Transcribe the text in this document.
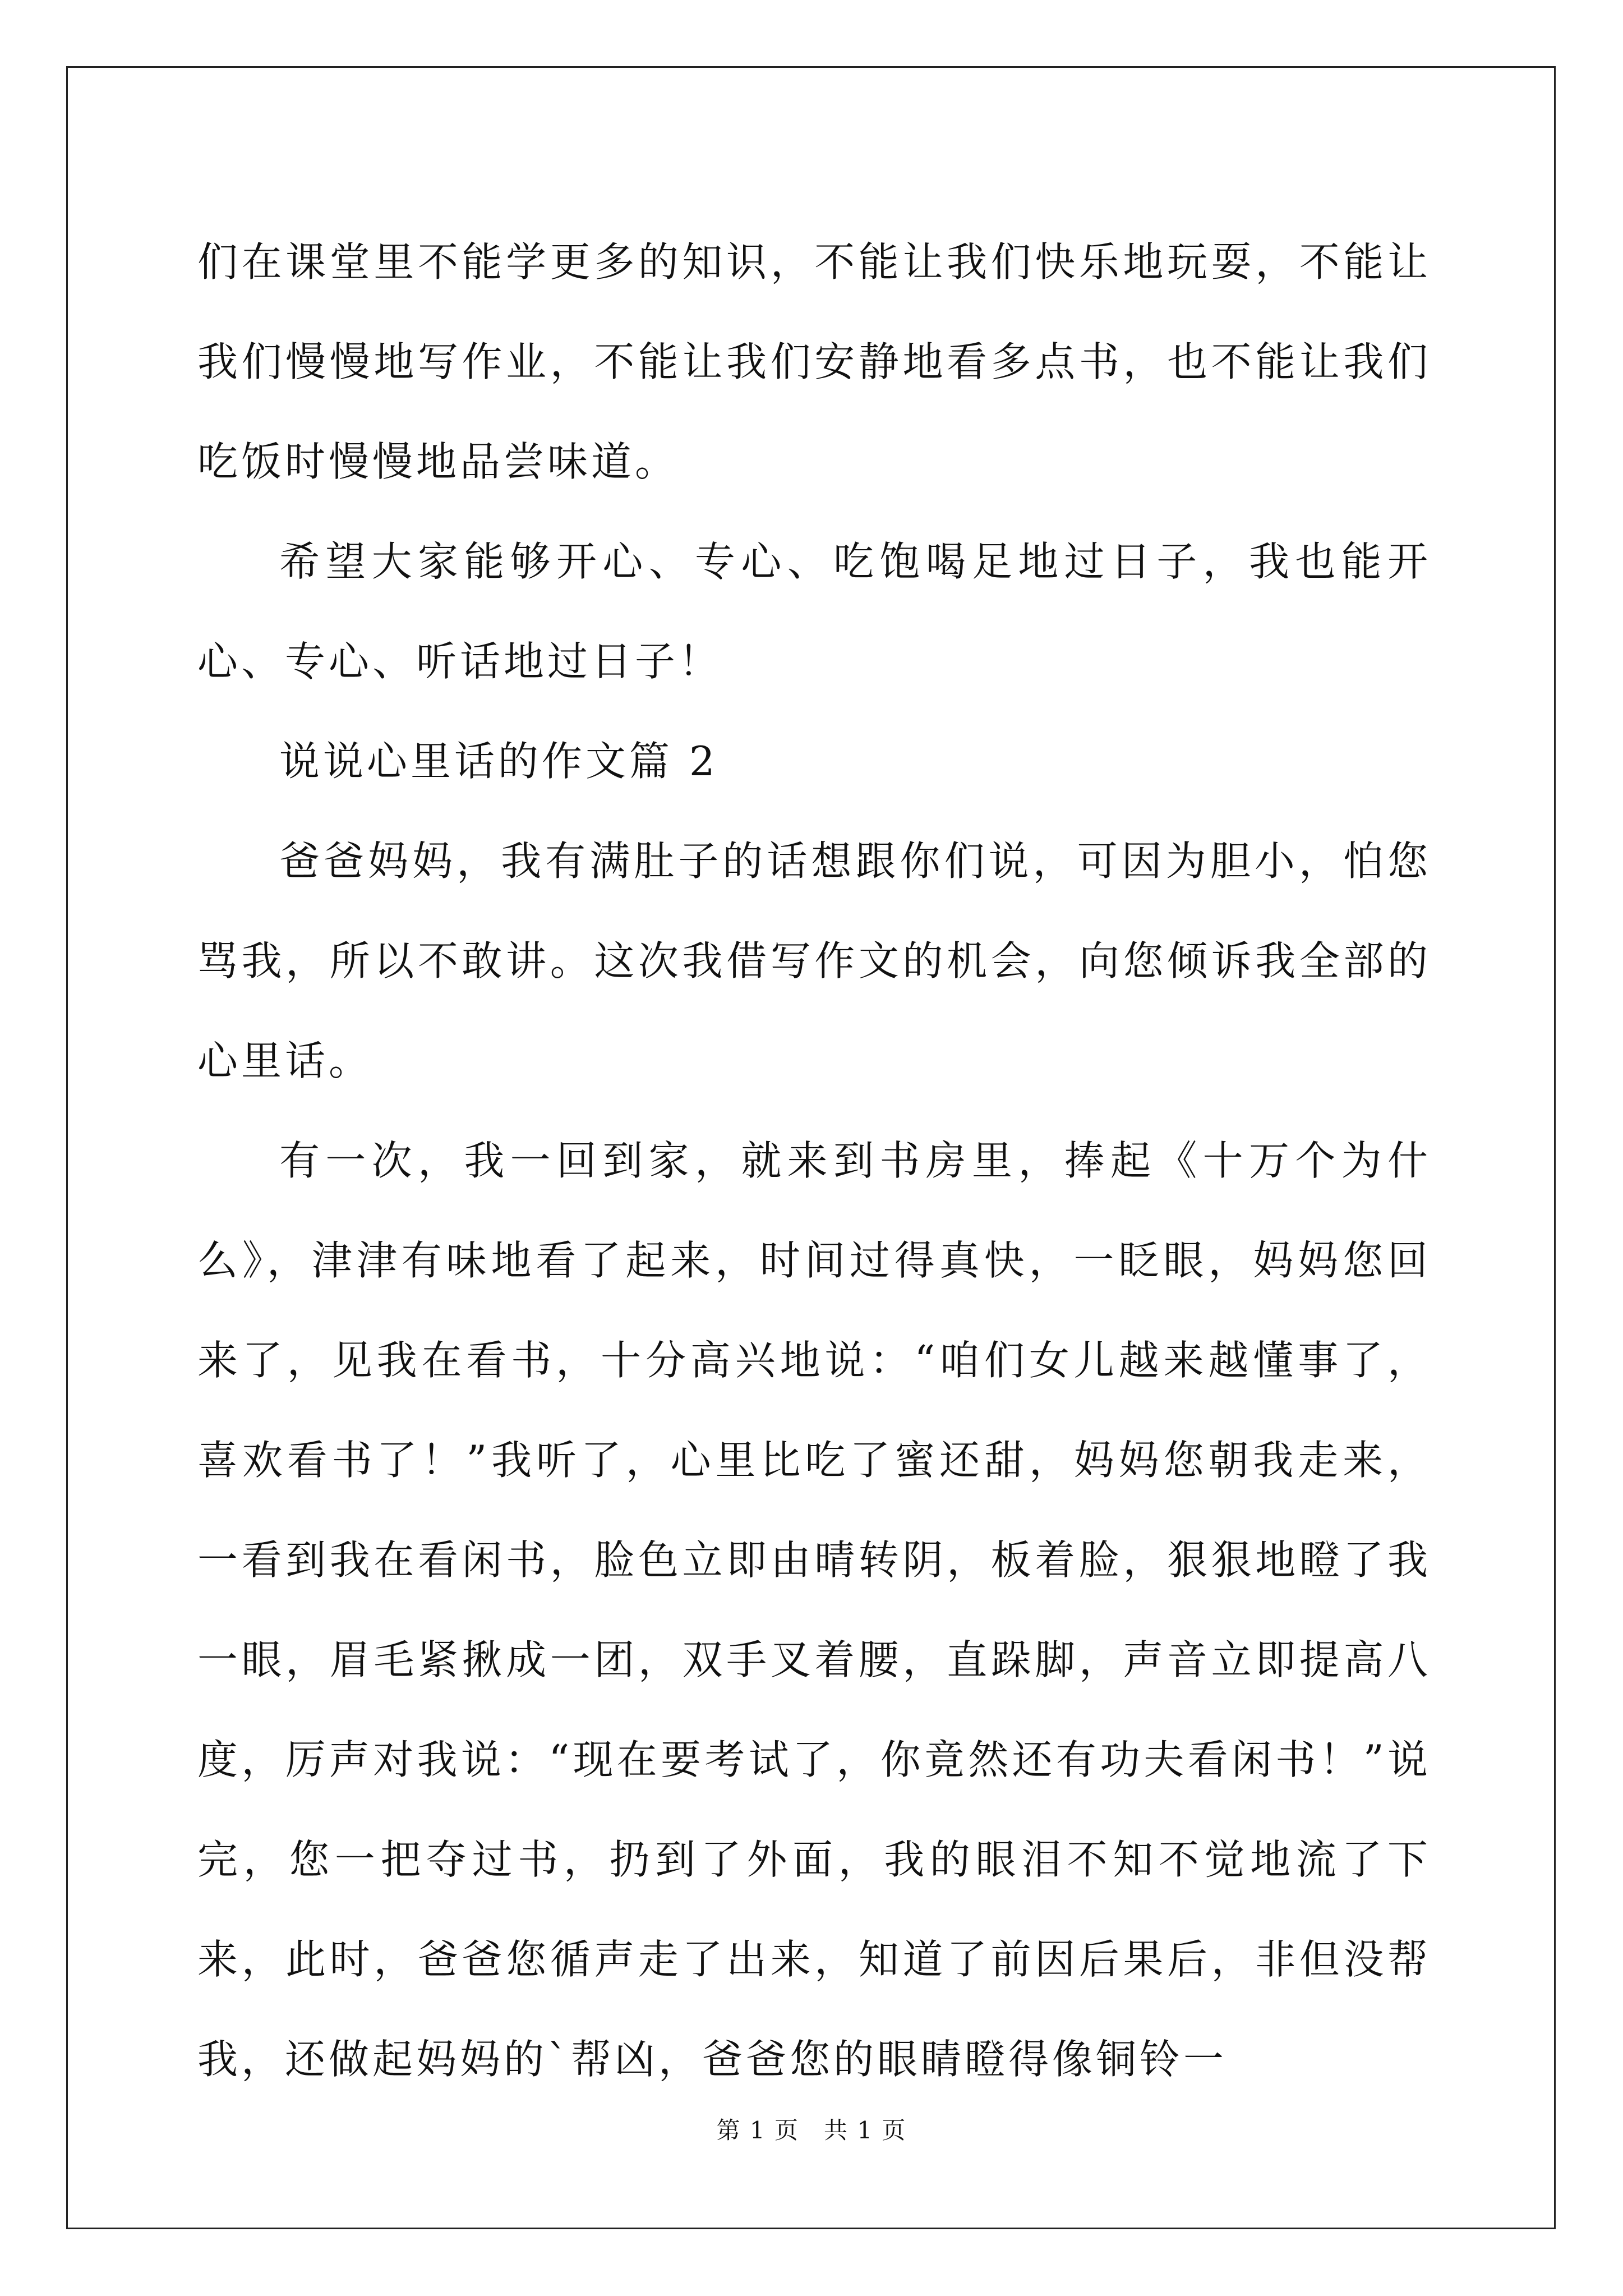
们在课堂里不能学更多的知识，不能让我们快乐地玩耍，不能让我们慢慢地写作业，不能让我们安静地看多点书，也不能让我们吃饭时慢慢地品尝味道。

希望大家能够开心、专心、吃饱喝足地过日子，我也能开心、专心、听话地过日子！

说说心里话的作文篇 2

爸爸妈妈，我有满肚子的话想跟你们说，可因为胆小，怕您骂我，所以不敢讲。这次我借写作文的机会，向您倾诉我全部的心里话。

有一次，我一回到家，就来到书房里，捧起《十万个为什么》，津津有味地看了起来，时间过得真快，一眨眼，妈妈您回来了，见我在看书，十分高兴地说：“咱们女儿越来越懂事了，喜欢看书了！”我听了，心里比吃了蜜还甜，妈妈您朝我走来，一看到我在看闲书，脸色立即由晴转阴，板着脸，狠狠地瞪了我一眼，眉毛紧揪成一团，双手叉着腰，直跺脚，声音立即提高八度，厉声对我说：“现在要考试了，你竟然还有功夫看闲书！”说完，您一把夺过书，扔到了外面，我的眼泪不知不觉地流了下来，此时，爸爸您循声走了出来，知道了前因后果后，非但没帮我，还做起妈妈的`帮凶，爸爸您的眼睛瞪得像铜铃一

第 1 页　共 1 页
